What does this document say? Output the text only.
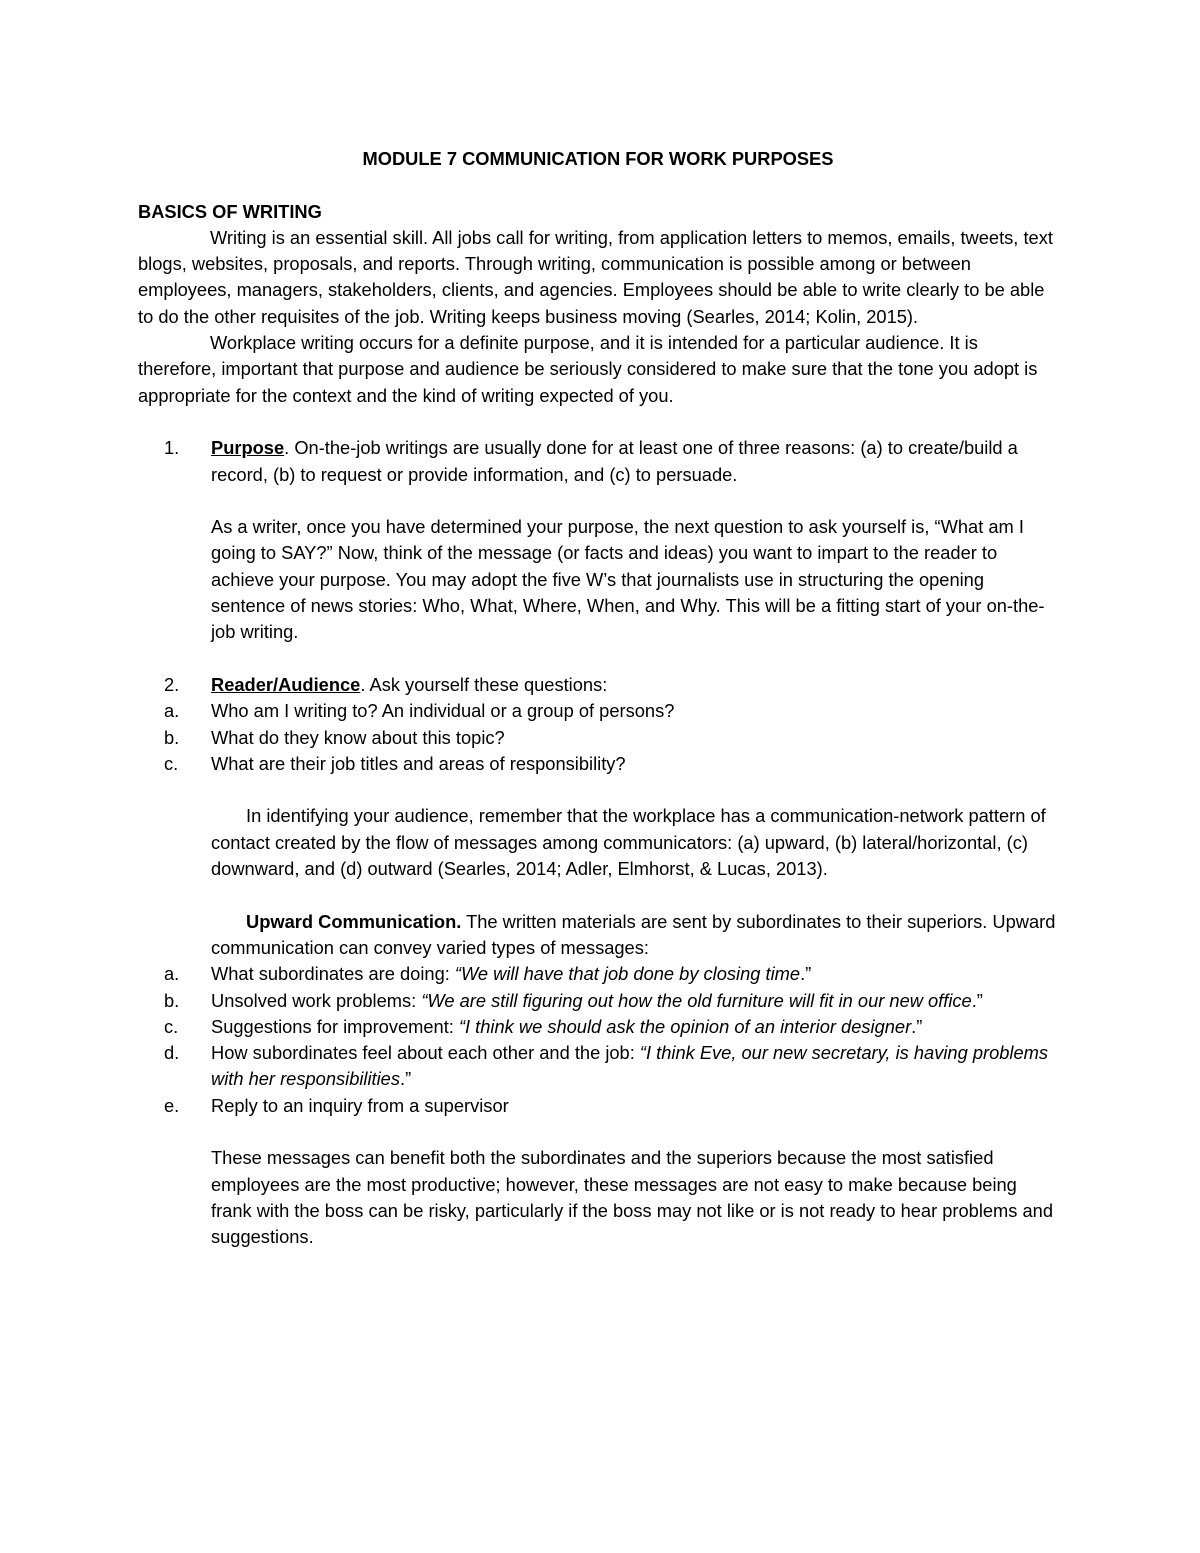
MODULE 7 COMMUNICATION FOR WORK PURPOSES

BASICS OF WRITING

Writing is an essential skill. All jobs call for writing, from application letters to memos, emails, tweets, text blogs, websites, proposals, and reports. Through writing, communication is possible among or between employees, managers, stakeholders, clients, and agencies. Employees should be able to write clearly to be able to do the other requisites of the job. Writing keeps business moving (Searles, 2014; Kolin, 2015).

Workplace writing occurs for a definite purpose, and it is intended for a particular audience. It is therefore, important that purpose and audience be seriously considered to make sure that the tone you adopt is appropriate for the context and the kind of writing expected of you.

1. Purpose. On-the-job writings are usually done for at least one of three reasons: (a) to create/build a record, (b) to request or provide information, and (c) to persuade.

As a writer, once you have determined your purpose, the next question to ask yourself is, “What am I going to SAY?” Now, think of the message (or facts and ideas) you want to impart to the reader to achieve your purpose. You may adopt the five W’s that journalists use in structuring the opening sentence of news stories: Who, What, Where, When, and Why. This will be a fitting start of your on-the-job writing.

2. Reader/Audience. Ask yourself these questions:
a. Who am I writing to? An individual or a group of persons?
b. What do they know about this topic?
c. What are their job titles and areas of responsibility?

In identifying your audience, remember that the workplace has a communication-network pattern of contact created by the flow of messages among communicators: (a) upward, (b) lateral/horizontal, (c) downward, and (d) outward (Searles, 2014; Adler, Elmhorst, & Lucas, 2013).

Upward Communication. The written materials are sent by subordinates to their superiors. Upward communication can convey varied types of messages:

a. What subordinates are doing: “We will have that job done by closing time.”
b. Unsolved work problems: “We are still figuring out how the old furniture will fit in our new office.”
c. Suggestions for improvement: “I think we should ask the opinion of an interior designer.”
d. How subordinates feel about each other and the job: “I think Eve, our new secretary, is having problems with her responsibilities.”
e. Reply to an inquiry from a supervisor

These messages can benefit both the subordinates and the superiors because the most satisfied employees are the most productive; however, these messages are not easy to make because being frank with the boss can be risky, particularly if the boss may not like or is not ready to hear problems and suggestions.
